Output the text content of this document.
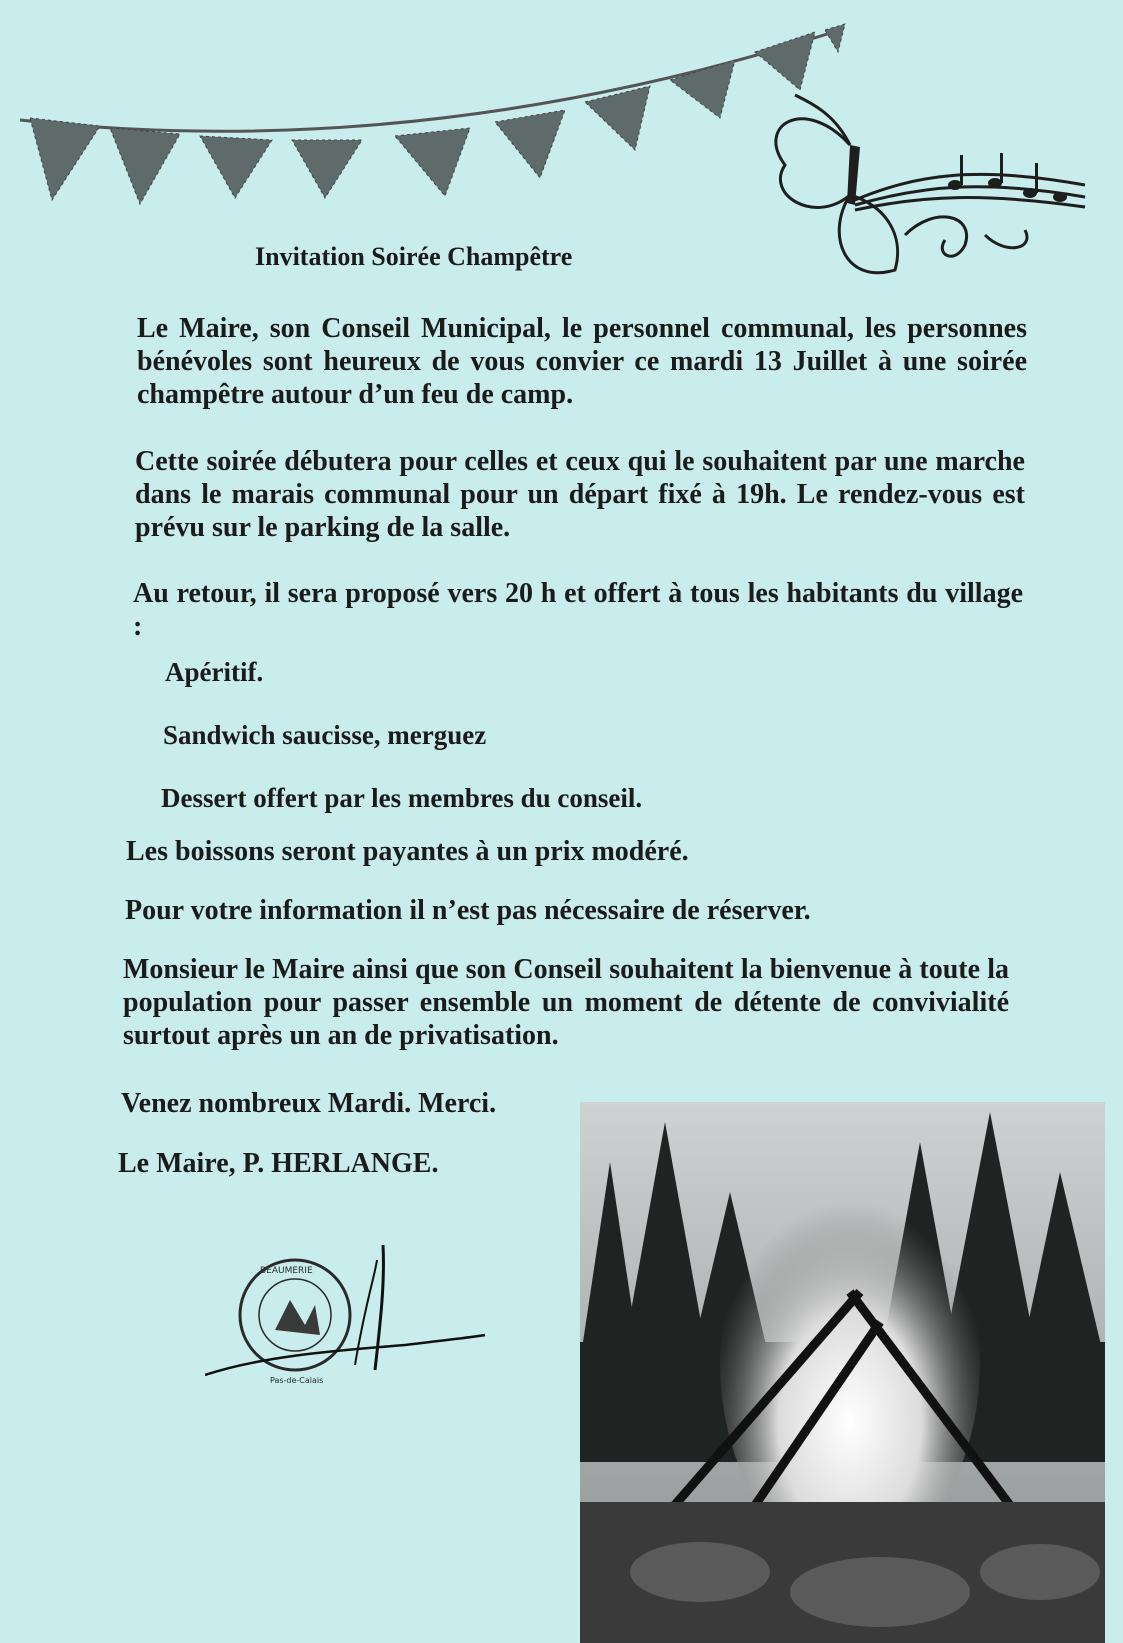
Invitation Soirée Champêtre

Le Maire, son Conseil Municipal, le personnel communal, les personnes bénévoles sont heureux de vous convier ce mardi 13 Juillet à une soirée champêtre autour d’un feu de camp.

Cette soirée débutera pour celles et ceux qui le souhaitent par une marche dans le marais communal pour un départ fixé à 19h. Le rendez-vous est prévu sur le parking de la salle.

Au retour, il sera proposé vers 20 h et offert à tous les habitants du village :

Apéritif.
Sandwich saucisse, merguez
Dessert offert par les membres du conseil.
Les boissons seront payantes à un prix modéré.
Pour votre information il n’est pas nécessaire de réserver.

Monsieur le Maire ainsi que son Conseil souhaitent la bienvenue à toute la population pour passer ensemble un moment de détente de convivialité surtout après un an de privatisation.

Venez nombreux Mardi. Merci.
Le Maire, P. HERLANGE.
BEAUMERIE
Pas-de-Calais
